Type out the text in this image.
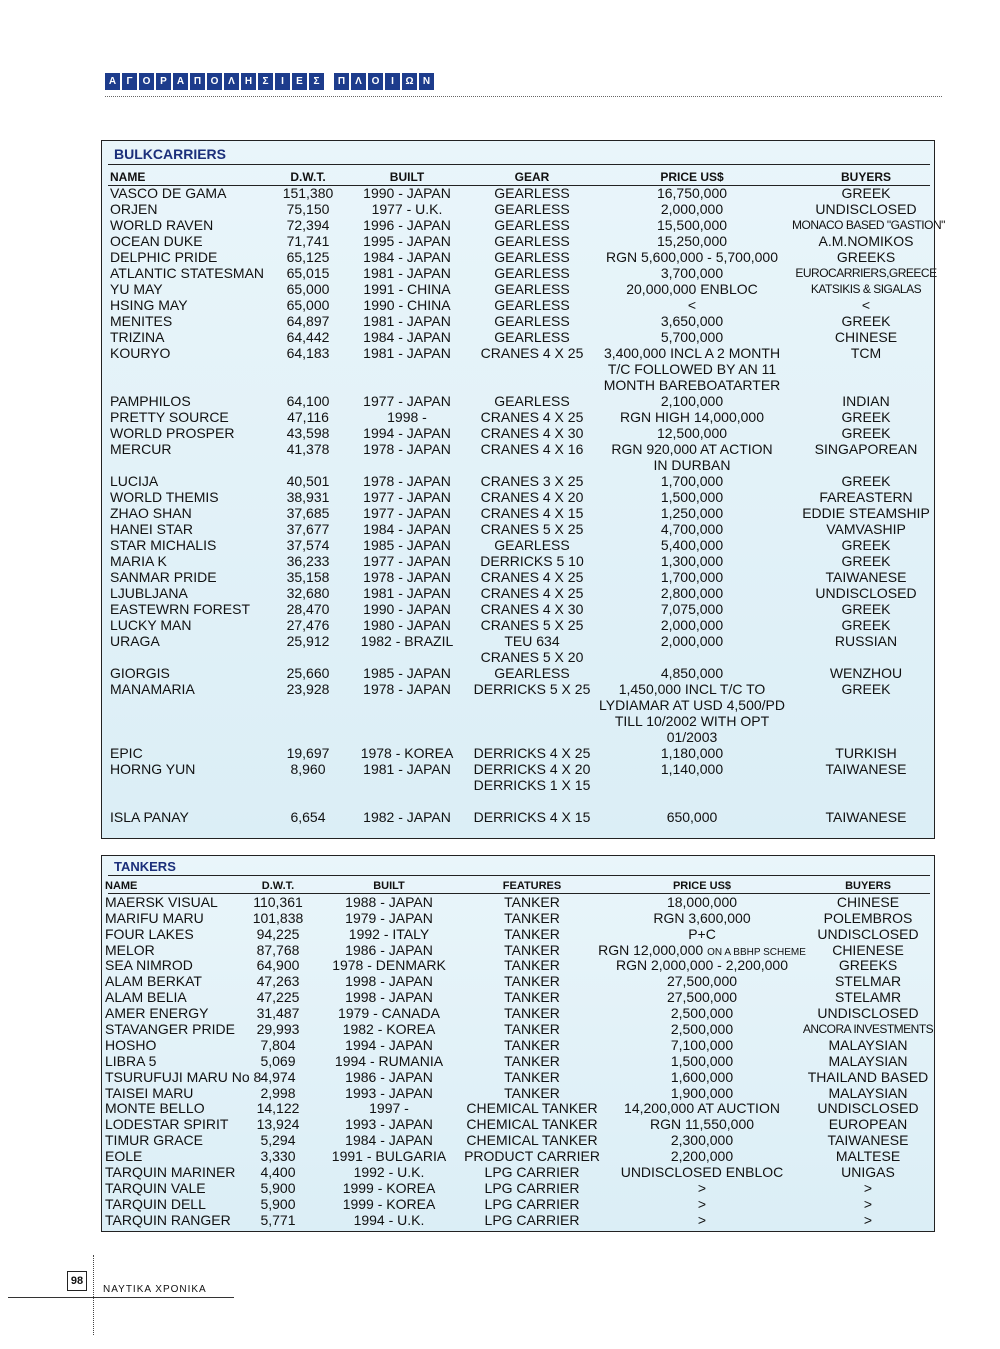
Α	Γ	Ο Ρ	Α Π Ο Λ	Η	Σ	Ι	Ε	Σ	Π	Λ Ο	Ι	Ω Ν
BULKCARRIERS
NAME	D.W.T.	BUILT	GEAR	PRICE US$	BUYERS
VASCO DE GAMA	151,380	1990 - JAPAN	GEARLESS	16,750,000	GREEK
ORJEN	75,150	1977 - U.K.	GEARLESS	2,000,000	UNDISCLOSED
WORLD RAVEN	72,394	1996 - JAPAN	GEARLESS	15,500,000	MONACO BASED "GASTION"
OCEAN DUKE	71,741	1995 - JAPAN	GEARLESS	15,250,000	A.M.NOMIKOS
DELPHIC PRIDE	65,125	1984 - JAPAN	GEARLESS	RGN 5,600,000 - 5,700,000	GREEKS
ATLANTIC STATESMAN	65,015	1981 - JAPAN	GEARLESS	3,700,000	EUROCARRIERS,GREECE
YU MAY	65,000	1991 - CHINA	GEARLESS	20,000,000 ENBLOC	KATSIKIS & SIGALAS
HSING MAY	65,000	1990 - CHINA	GEARLESS	<	<
MENITES	64,897	1981 - JAPAN	GEARLESS	3,650,000	GREEK
TRIZINA	64,442	1984 - JAPAN	GEARLESS	5,700,000	CHINESE
KOURYO	64,183	1981 - JAPAN	CRANES 4 X 25	3,400,000 INCL A 2 MONTH	TCM
T/C FOLLOWED BY AN 11
MONTH BAREBOATARTER
PAMPHILOS	64,100	1977 - JAPAN	GEARLESS	2,100,000	INDIAN
PRETTY SOURCE	47,116	1998 -	CRANES 4 X 25	RGN HIGH 14,000,000	GREEK
WORLD PROSPER	43,598	1994 - JAPAN	CRANES 4 X 30	12,500,000	GREEK
MERCUR	41,378	1978 - JAPAN	CRANES 4 X 16	RGN 920,000 AT ACTION	SINGAPOREAN
IN DURBAN
LUCIJA	40,501	1978 - JAPAN	CRANES 3 X 25	1,700,000	GREEK
WORLD THEMIS	38,931	1977 - JAPAN	CRANES 4 X 20	1,500,000	FAREASTERN
ZHAO SHAN	37,685	1977 - JAPAN	CRANES 4 X 15	1,250,000	EDDIE STEAMSHIP
HANEI STAR	37,677	1984 - JAPAN	CRANES 5 X 25	4,700,000	VAMVASHIP
STAR MICHALIS	37,574	1985 - JAPAN	GEARLESS	5,400,000	GREEK
MARIA K	36,233	1977 - JAPAN	DERRICKS 5 10	1,300,000	GREEK
SANMAR PRIDE	35,158	1978 - JAPAN	CRANES 4 X 25	1,700,000	TAIWANESE
LJUBLJANA	32,680	1981 - JAPAN	CRANES 4 X 25	2,800,000	UNDISCLOSED
EASTEWRN FOREST	28,470	1990 - JAPAN	CRANES 4 X 30	7,075,000	GREEK
LUCKY MAN	27,476	1980 - JAPAN	CRANES 5 X 25	2,000,000	GREEK
URAGA	25,912	1982 - BRAZIL	TEU 634	2,000,000	RUSSIAN
CRANES 5 X 20
GIORGIS	25,660	1985 - JAPAN	GEARLESS	4,850,000	WENZHOU
MANAMARIA	23,928	1978 - JAPAN	DERRICKS 5 X 25	1,450,000 INCL T/C TO	GREEK
LYDIAMAR AT USD 4,500/PD
TILL 10/2002 WITH OPT
01/2003
EPIC	19,697	1978 - KOREA	DERRICKS 4 X 25	1,180,000	TURKISH
HORNG YUN	8,960	1981 - JAPAN	DERRICKS 4 X 20	1,140,000	TAIWANESE
DERRICKS 1 X 15
ISLA PANAY	6,654	1982 - JAPAN	DERRICKS 4 X 15	650,000	TAIWANESE
TANKERS
NAME	D.W.T.	BUILT	FEATURES	PRICE US$	BUYERS
MAERSK VISUAL	110,361	1988 - JAPAN	TANKER	18,000,000	CHINESE
MARIFU MARU	101,838	1979 - JAPAN	TANKER	RGN 3,600,000	POLEMBROS
FOUR LAKES	94,225	1992 - ITALY	TANKER	P+C	UNDISCLOSED
MELOR	87,768	1986 - JAPAN	TANKER	RGN 12,000,000 ON A BBHP SCHEME	CHIENESE
SEA NIMROD	64,900	1978 - DENMARK	TANKER	RGN 2,000,000 - 2,200,000	GREEKS
ALAM BERKAT	47,263	1998 - JAPAN	TANKER	27,500,000	STELMAR
ALAM BELIA	47,225	1998 - JAPAN	TANKER	27,500,000	STELAMR
AMER ENERGY	31,487	1979 - CANADA	TANKER	2,500,000	UNDISCLOSED
STAVANGER PRIDE	29,993	1982 - KOREA	TANKER	2,500,000	ANCORA INVESTMENTS
HOSHO	7,804	1994 - JAPAN	TANKER	7,100,000	MALAYSIAN
LIBRA 5	5,069	1994 - RUMANIA	TANKER	1,500,000	MALAYSIAN
TSURUFUJI MARU No 8 4,974	1986 - JAPAN	TANKER	1,600,000	THAILAND BASED
TAISEI MARU	2,998	1993 - JAPAN	TANKER	1,900,000	MALAYSIAN
MONTE BELLO	14,122	1997 -	CHEMICAL TANKER	14,200,000 AT AUCTION	UNDISCLOSED
LODESTAR SPIRIT	13,924	1993 - JAPAN	CHEMICAL TANKER	RGN 11,550,000	EUROPEAN
TIMUR GRACE	5,294	1984 - JAPAN	CHEMICAL TANKER	2,300,000	TAIWANESE
EOLE	3,330	1991 - BULGARIA	PRODUCT CARRIER	2,200,000	MALTESE
TARQUIN MARINER	4,400	1992 - U.K.	LPG CARRIER	UNDISCLOSED ENBLOC	UNIGAS
TARQUIN VALE	5,900	1999 - KOREA	LPG CARRIER	>	>
TARQUIN DELL	5,900	1999 - KOREA	LPG CARRIER	>	>
TARQUIN RANGER	5,771	1994 - U.K.	LPG CARRIER	>	>
98
ΝΑΥΤΙΚΑ ΧΡΟΝΙΚΑ
